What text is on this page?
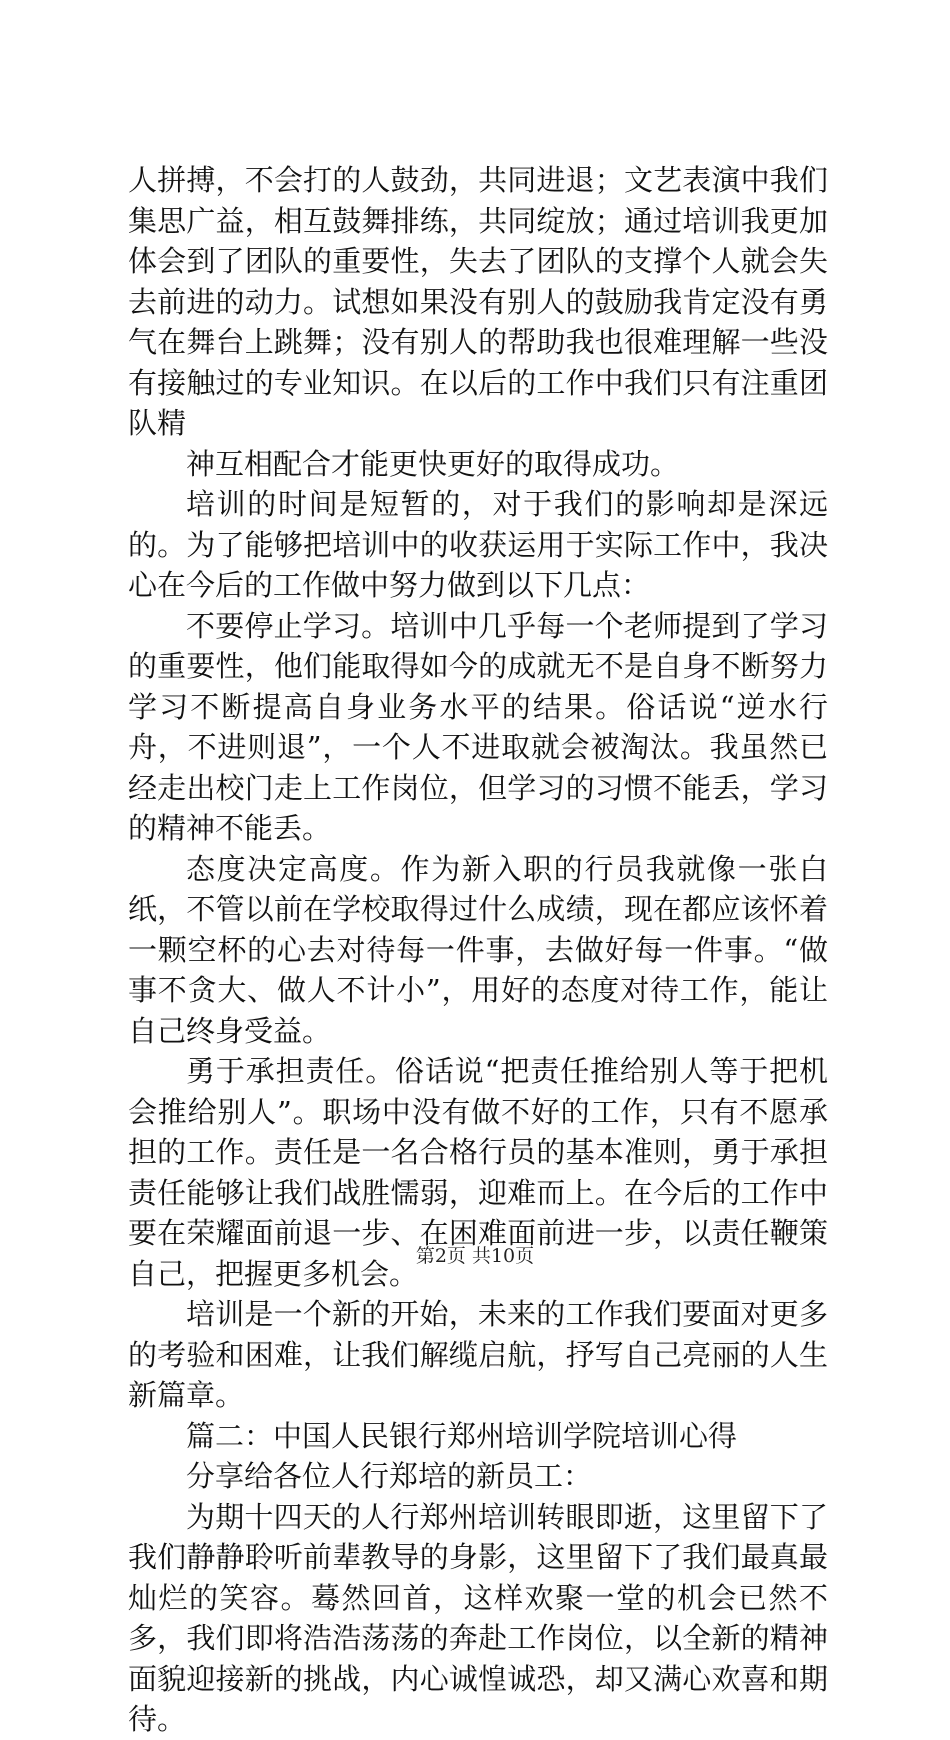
人拼搏，不会打的人鼓劲，共同进退；文艺表演中我们集思广益，相互鼓舞排练，共同绽放；通过培训我更加体会到了团队的重要性，失去了团队的支撑个人就会失去前进的动力。试想如果没有别人的鼓励我肯定没有勇气在舞台上跳舞；没有别人的帮助我也很难理解一些没有接触过的专业知识。在以后的工作中我们只有注重团队精

神互相配合才能更快更好的取得成功。

培训的时间是短暂的，对于我们的影响却是深远的。为了能够把培训中的收获运用于实际工作中，我决心在今后的工作做中努力做到以下几点：

不要停止学习。培训中几乎每一个老师提到了学习的重要性，他们能取得如今的成就无不是自身不断努力学习不断提高自身业务水平的结果。俗话说“逆水行舟，不进则退”，一个人不进取就会被淘汰。我虽然已经走出校门走上工作岗位，但学习的习惯不能丢，学习的精神不能丢。

态度决定高度。作为新入职的行员我就像一张白纸，不管以前在学校取得过什么成绩，现在都应该怀着一颗空杯的心去对待每一件事，去做好每一件事。“做事不贪大、做人不计小”，用好的态度对待工作，能让自己终身受益。

勇于承担责任。俗话说“把责任推给别人等于把机会推给别人”。职场中没有做不好的工作，只有不愿承担的工作。责任是一名合格行员的基本准则，勇于承担责任能够让我们战胜懦弱，迎难而上。在今后的工作中要在荣耀面前退一步、在困难面前进一步，以责任鞭策自己，把握更多机会。

培训是一个新的开始，未来的工作我们要面对更多的考验和困难，让我们解缆启航，抒写自己亮丽的人生新篇章。

篇二：中国人民银行郑州培训学院培训心得

分享给各位人行郑培的新员工：

为期十四天的人行郑州培训转眼即逝，这里留下了我们静静聆听前辈教导的身影，这里留下了我们最真最灿烂的笑容。蓦然回首，这样欢聚一堂的机会已然不多，我们即将浩浩荡荡的奔赴工作岗位，以全新的精神面貌迎接新的挑战，内心诚惶诚恐，却又满心欢喜和期待。

第2页 共10页
